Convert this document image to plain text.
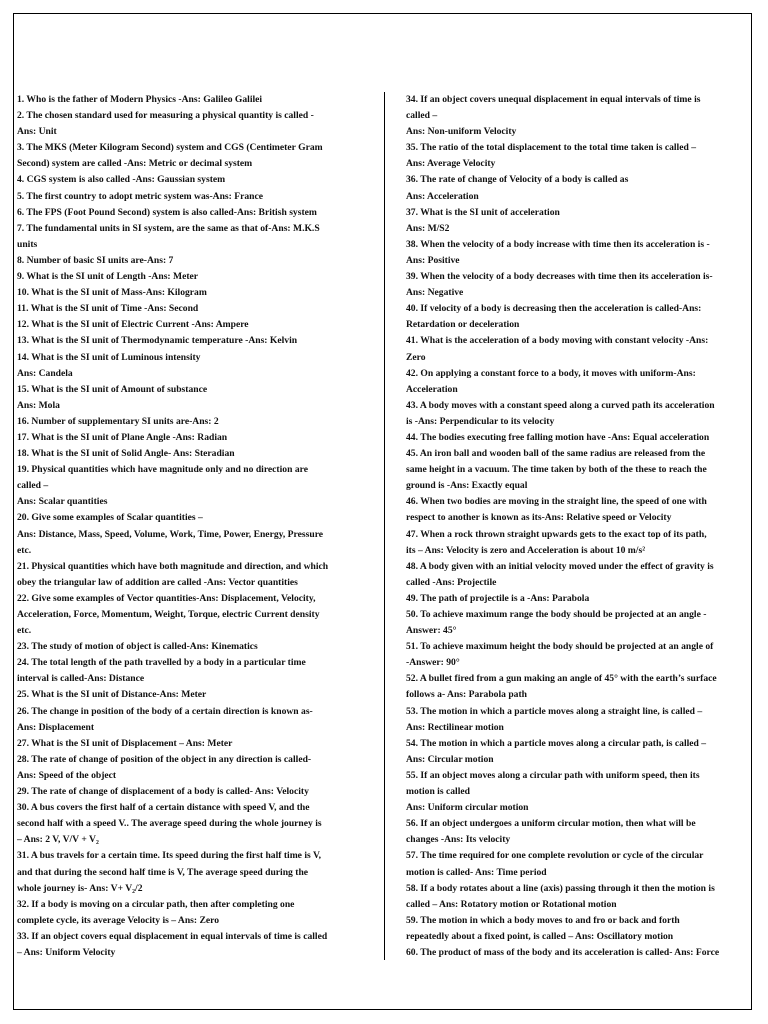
1. Who is the father of Modern Physics -Ans: Galileo Galilei
2. The chosen standard used for measuring a physical quantity is called -
Ans: Unit
3. The MKS (Meter Kilogram Second) system and CGS (Centimeter Gram
Second) system are called -Ans: Metric or decimal system
4. CGS system is also called -Ans: Gaussian system
5. The first country to adopt metric system was-Ans: France
6. The FPS (Foot Pound Second) system is also called-Ans: British system
7. The fundamental units in SI system, are the same as that of-Ans: M.K.S
units
8. Number of basic SI units are-Ans: 7
9. What is the SI unit of Length -Ans: Meter
10. What is the SI unit of Mass-Ans: Kilogram
11. What is the SI unit of Time -Ans: Second
12. What is the SI unit of Electric Current -Ans: Ampere
13. What is the SI unit of Thermodynamic temperature -Ans: Kelvin
14. What is the SI unit of Luminous intensity
Ans: Candela
15. What is the SI unit of Amount of substance
Ans: Mola
16. Number of supplementary SI units are-Ans: 2
17. What is the SI unit of Plane Angle -Ans: Radian
18. What is the SI unit of Solid Angle- Ans: Steradian
19. Physical quantities which have magnitude only and no direction are
called –
Ans: Scalar quantities
20. Give some examples of Scalar quantities –
Ans: Distance, Mass, Speed, Volume, Work, Time, Power, Energy, Pressure
etc.
21. Physical quantities which have both magnitude and direction, and which
obey the triangular law of addition are called -Ans: Vector quantities
22. Give some examples of Vector quantities-Ans: Displacement, Velocity,
Acceleration, Force, Momentum, Weight, Torque, electric Current density
etc.
23. The study of motion of object is called-Ans: Kinematics
24. The total length of the path travelled by a body in a particular time
interval is called-Ans: Distance
25. What is the SI unit of Distance-Ans: Meter
26. The change in position of the body of a certain direction is known as-
Ans: Displacement
27. What is the SI unit of Displacement – Ans: Meter
28. The rate of change of position of the object in any direction is called-
Ans: Speed of the object
29. The rate of change of displacement of a body is called- Ans: Velocity
30. A bus covers the first half of a certain distance with speed V, and the
second half with a speed V.. The average speed during the whole journey is
– Ans: 2 V, V/V + V₂
31. A bus travels for a certain time. Its speed during the first half time is V,
and that during the second half time is V, The average speed during the
whole journey is- Ans: V+ V₂/2
32. If a body is moving on a circular path, then after completing one
complete cycle, its average Velocity is – Ans: Zero
33. If an object covers equal displacement in equal intervals of time is called
– Ans: Uniform Velocity
34. If an object covers unequal displacement in equal intervals of time is
called –
Ans: Non-uniform Velocity
35. The ratio of the total displacement to the total time taken is called –
Ans: Average Velocity
36. The rate of change of Velocity of a body is called as
Ans: Acceleration
37. What is the SI unit of acceleration
Ans: M/S2
38. When the velocity of a body increase with time then its acceleration is -
Ans: Positive
39. When the velocity of a body decreases with time then its acceleration is-
Ans: Negative
40. If velocity of a body is decreasing then the acceleration is called-Ans:
Retardation or deceleration
41. What is the acceleration of a body moving with constant velocity -Ans:
Zero
42. On applying a constant force to a body, it moves with uniform-Ans:
Acceleration
43. A body moves with a constant speed along a curved path its acceleration
is -Ans: Perpendicular to its velocity
44. The bodies executing free falling motion have -Ans: Equal acceleration
45. An iron ball and wooden ball of the same radius are released from the
same height in a vacuum. The time taken by both of the these to reach the
ground is -Ans: Exactly equal
46. When two bodies are moving in the straight line, the speed of one with
respect to another is known as its-Ans: Relative speed or Velocity
47. When a rock thrown straight upwards gets to the exact top of its path,
its – Ans: Velocity is zero and Acceleration is about 10 m/s²
48. A body given with an initial velocity moved under the effect of gravity is
called -Ans: Projectile
49. The path of projectile is a -Ans: Parabola
50. To achieve maximum range the body should be projected at an angle -
Answer: 45°
51. To achieve maximum height the body should be projected at an angle of
-Answer: 90°
52. A bullet fired from a gun making an angle of 45° with the earth’s surface
follows a- Ans: Parabola path
53. The motion in which a particle moves along a straight line, is called –
Ans: Rectilinear motion
54. The motion in which a particle moves along a circular path, is called –
Ans: Circular motion
55. If an object moves along a circular path with uniform speed, then its
motion is called
Ans: Uniform circular motion
56. If an object undergoes a uniform circular motion, then what will be
changes -Ans: Its velocity
57. The time required for one complete revolution or cycle of the circular
motion is called- Ans: Time period
58. If a body rotates about a line (axis) passing through it then the motion is
called – Ans: Rotatory motion or Rotational motion
59. The motion in which a body moves to and fro or back and forth
repeatedly about a fixed point, is called – Ans: Oscillatory motion
60. The product of mass of the body and its acceleration is called- Ans: Force
